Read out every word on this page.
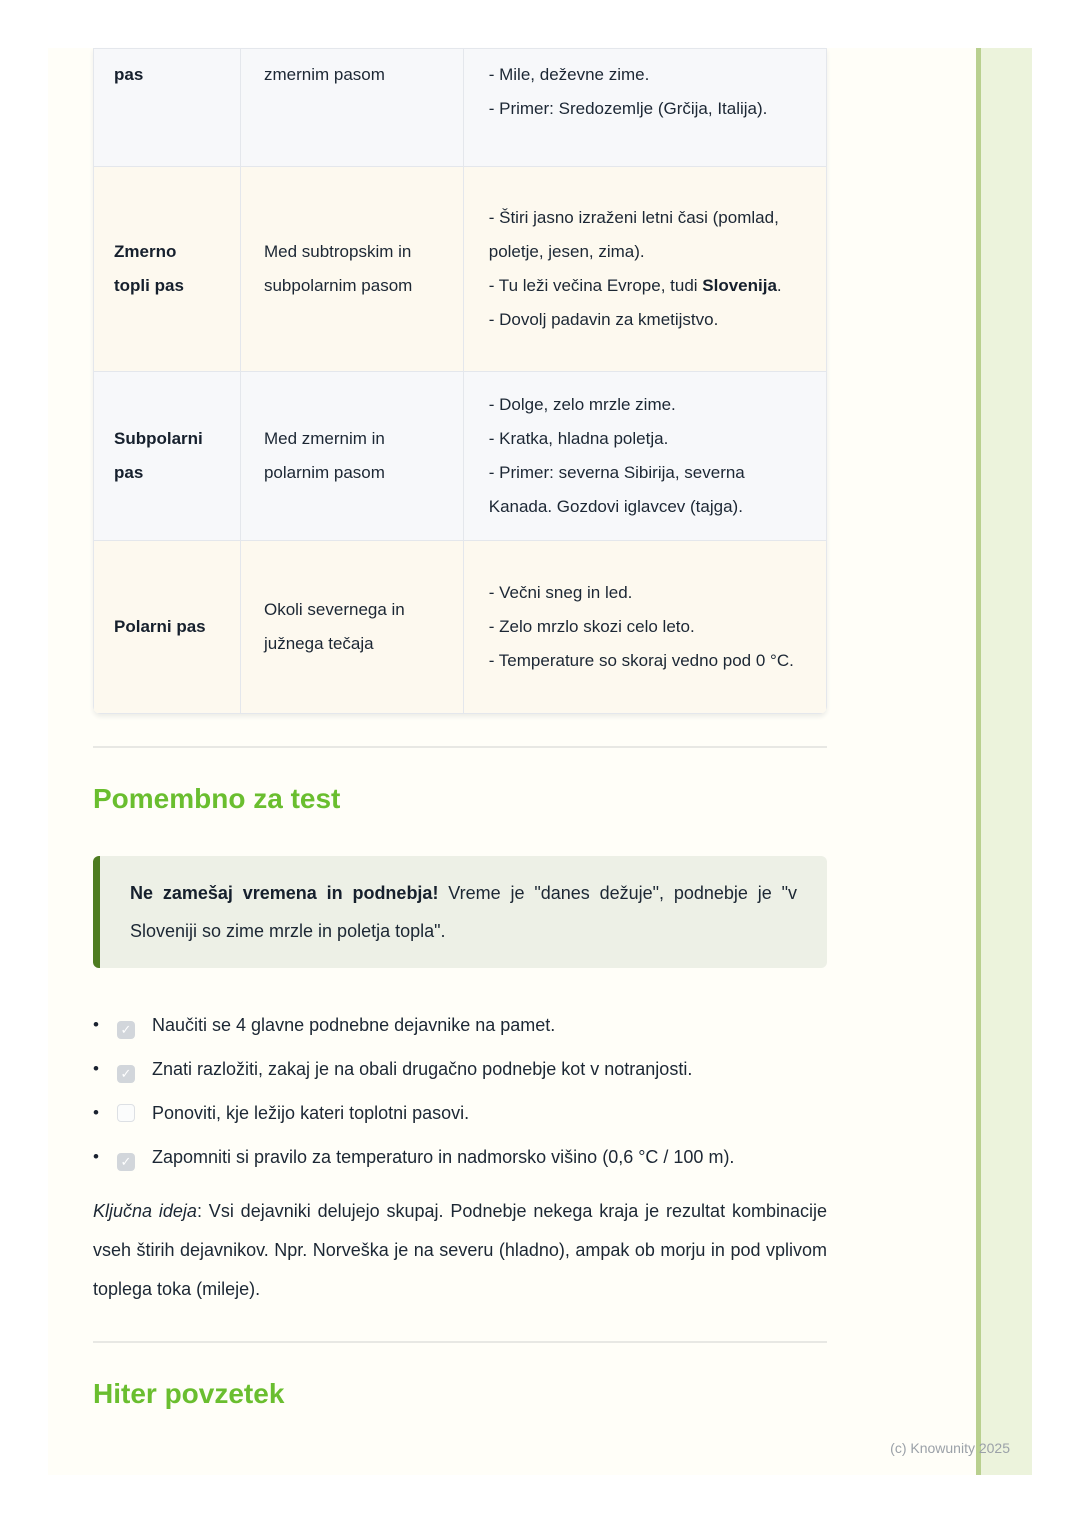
pas	zmernim pasom	- Mile, deževne zime.
- Primer: Sredozemlje (Grčija, Italija).

Zmerno topli pas	Med subtropskim in subpolarnim pasom	- Štiri jasno izraženi letni časi (pomlad, poletje, jesen, zima).
- Tu leži večina Evrope, tudi Slovenija.
- Dovolj padavin za kmetijstvo.

Subpolarni pas	Med zmernim in polarnim pasom	- Dolge, zelo mrzle zime.
- Kratka, hladna poletja.
- Primer: severna Sibirija, severna Kanada. Gozdovi iglavcev (tajga).

Polarni pas	Okoli severnega in južnega tečaja	- Večni sneg in led.
- Zelo mrzlo skozi celo leto.
- Temperature so skoraj vedno pod 0 °C.
Pomembno za test
Ne zamešaj vremena in podnebja! Vreme je "danes dežuje", podnebje je "v Sloveniji so zime mrzle in poletja topla".
•	✓ Naučiti se 4 glavne podnebne dejavnike na pamet.
•	✓ Znati razložiti, zakaj je na obali drugačno podnebje kot v notranjosti.
•	Ponoviti, kje ležijo kateri toplotni pasovi.
•	✓ Zapomniti si pravilo za temperaturo in nadmorsko višino (0,6 °C / 100 m).

Ključna ideja: Vsi dejavniki delujejo skupaj. Podnebje nekega kraja je rezultat kombinacije vseh štirih dejavnikov. Npr. Norveška je na severu (hladno), ampak ob morju in pod vplivom toplega toka (mileje).

Hiter povzetek
(c) Knowunity 2025
